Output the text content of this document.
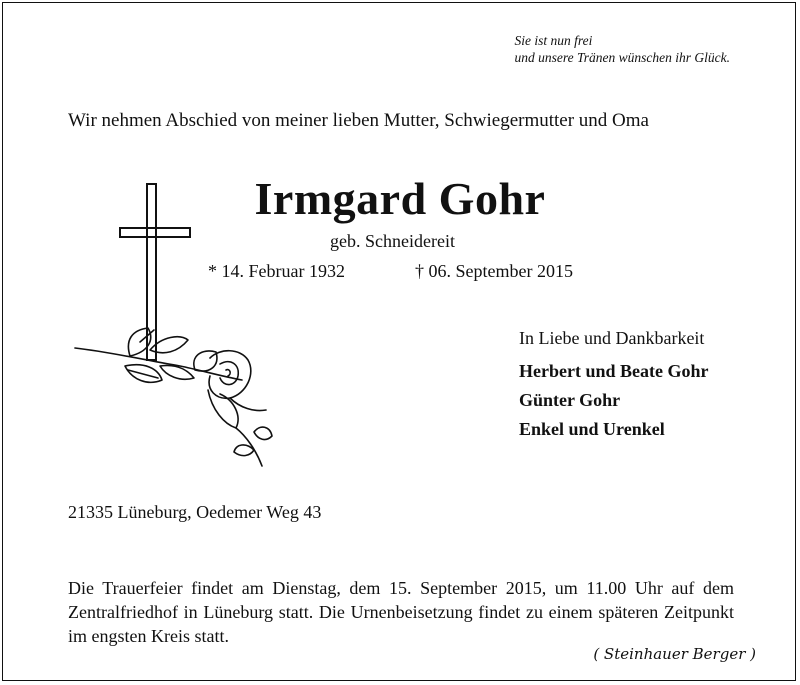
Sie ist nun frei
und unsere Tränen wünschen ihr Glück.
Wir nehmen Abschied von meiner lieben Mutter, Schwiegermutter und Oma
Irmgard Gohr
geb. Schneidereit
* 14. Februar 1932	† 06. September 2015
In Liebe und Dankbarkeit
Herbert und Beate Gohr
Günter Gohr
Enkel und Urenkel
21335 Lüneburg, Oedemer Weg 43
Die Trauerfeier findet am Dienstag, dem 15. September 2015, um 11.00 Uhr auf dem Zentralfriedhof in Lüneburg statt. Die Urnenbeisetzung findet zu einem späteren Zeitpunkt im engsten Kreis statt.
( Steinhauer Berger )
